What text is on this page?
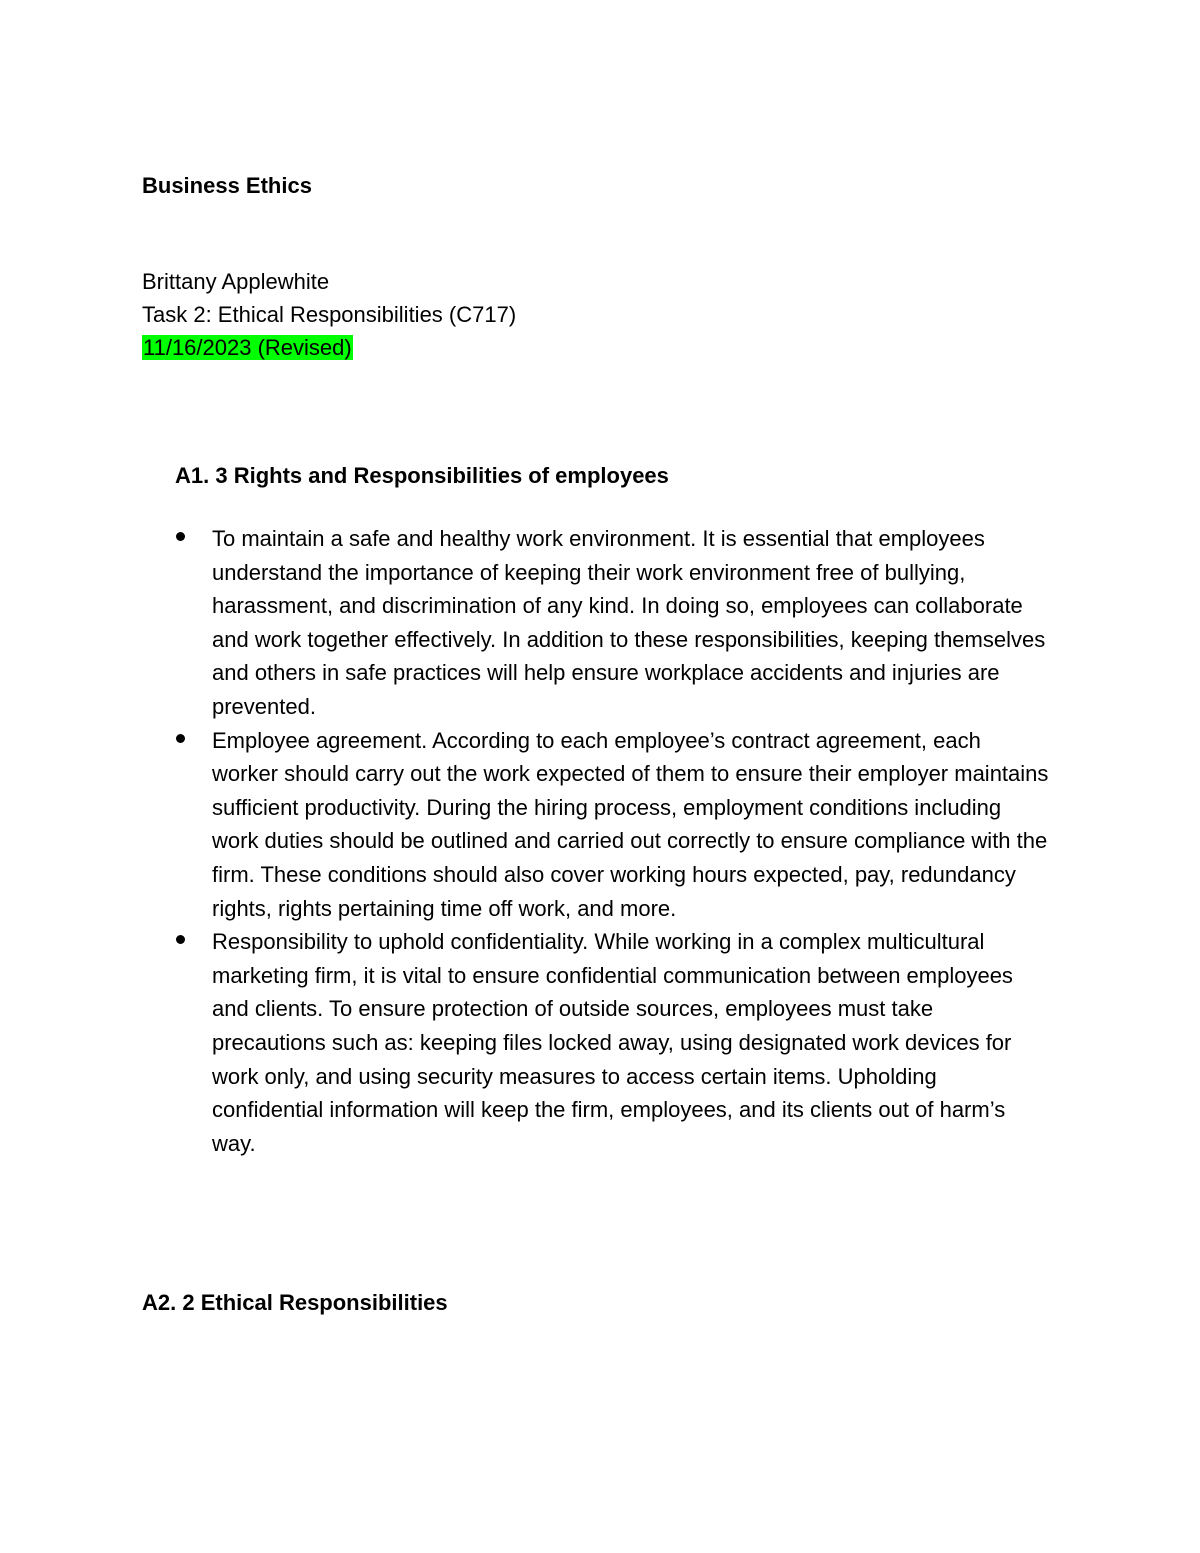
Business Ethics
Brittany Applewhite
Task 2: Ethical Responsibilities (C717)
11/16/2023 (Revised)
A1. 3 Rights and Responsibilities of employees
To maintain a safe and healthy work environment. It is essential that employees understand the importance of keeping their work environment free of bullying, harassment, and discrimination of any kind. In doing so, employees can collaborate and work together effectively. In addition to these responsibilities, keeping themselves and others in safe practices will help ensure workplace accidents and injuries are prevented.
Employee agreement. According to each employee’s contract agreement, each worker should carry out the work expected of them to ensure their employer maintains sufficient productivity. During the hiring process, employment conditions including work duties should be outlined and carried out correctly to ensure compliance with the firm. These conditions should also cover working hours expected, pay, redundancy rights, rights pertaining time off work, and more.
Responsibility to uphold confidentiality. While working in a complex multicultural marketing firm, it is vital to ensure confidential communication between employees and clients. To ensure protection of outside sources, employees must take precautions such as: keeping files locked away, using designated work devices for work only, and using security measures to access certain items. Upholding confidential information will keep the firm, employees, and its clients out of harm’s way.
A2. 2 Ethical Responsibilities
